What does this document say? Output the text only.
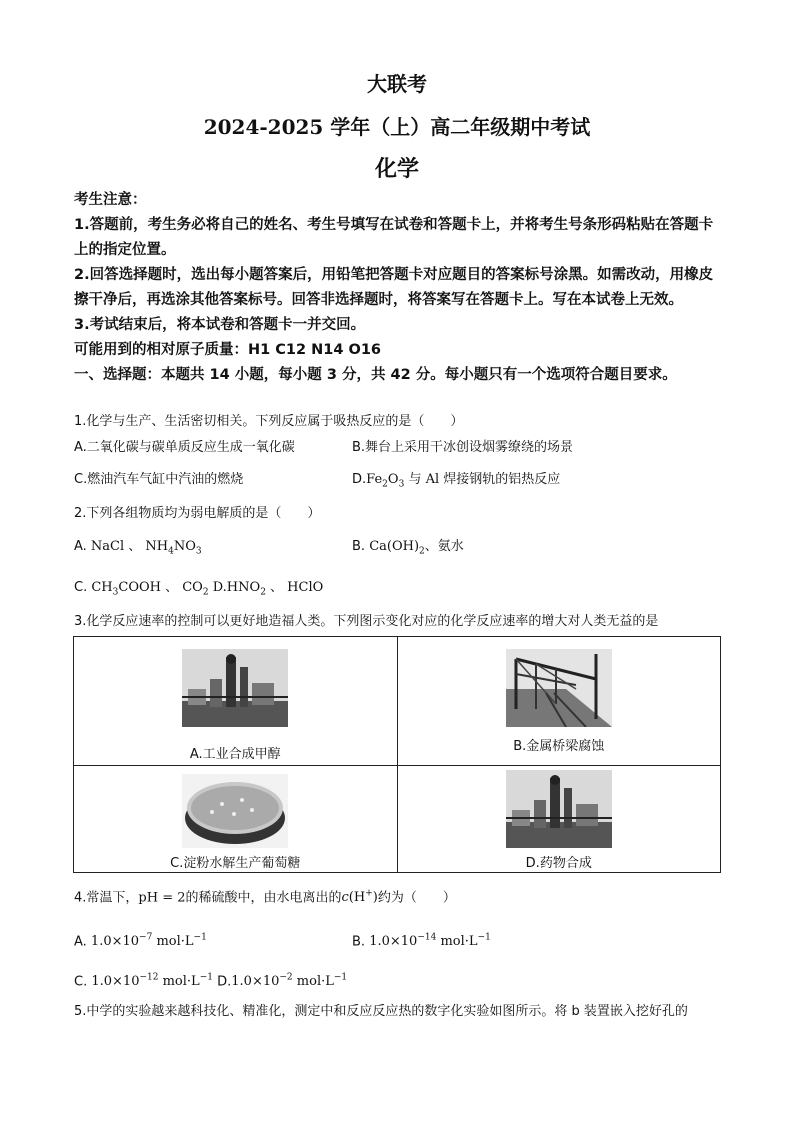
大联考
2024-2025 学年（上）高二年级期中考试
化学

考生注意：

1.答题前，考生务必将自己的姓名、考生号填写在试卷和答题卡上，并将考生号条形码粘贴在答题卡上的指定位置。

2.回答选择题时，选出每小题答案后，用铅笔把答题卡对应题目的答案标号涂黑。如需改动，用橡皮擦干净后，再选涂其他答案标号。回答非选择题时，将答案写在答题卡上。写在本试卷上无效。

3.考试结束后，将本试卷和答题卡一并交回。

可能用到的相对原子质量：H1 C12 N14 O16

一、选择题：本题共 14 小题，每小题 3 分，共 42 分。每小题只有一个选项符合题目要求。

1.化学与生产、生活密切相关。下列反应属于吸热反应的是（　　）
A.二氧化碳与碳单质反应生成一氧化碳	B.舞台上采用干冰创设烟雾缭绕的场景
C.燃油汽车气缸中汽油的燃烧	$D.Fe_2O_3$ 与 Al 焊接钢轨的铝热反应
2.下列各组物质均为弱电解质的是（　　）
A. NaCl 、 $NH_4NO_3$	B. $Ca(OH)_2$、氨水
C. $CH_3COOH$ 、 $CO_2$ $D.HNO_2$ 、 HClO
3.化学反应速率的控制可以更好地造福人类。下列图示变化对应的化学反应速率的增大对人类无益的是
A.工业合成甲醇	B.金属桥梁腐蚀

C.淀粉水解生产葡萄糖	D.药物合成
4.常温下，pH = 2的稀硫酸中，由水电离出的c(H+)约为（　　）
A. $1.0\times 10^{-7}$ $mol\cdot L^{-1}$	B. $1.0\times 10^{-14}$ $mol\cdot L^{-1}$
C. $1.0\times 10^{-12}$ $mol\cdot L^{-1}$ $D.1.0\times 10^{-2}$ $mol\cdot L^{-1}$
5.中学的实验越来越科技化、精准化，测定中和反应反应热的数字化实验如图所示。将 b 装置嵌入挖好孔的
